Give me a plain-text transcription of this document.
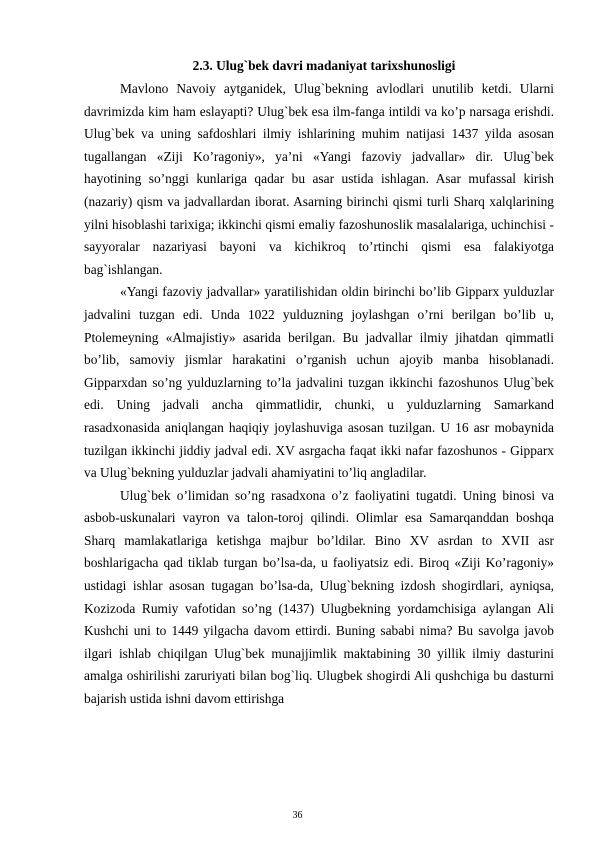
2.3. Ulug`bek davri madaniyat tarixshunosligi

Mavlono Navoiy aytganidek, Ulug`bekning avlodlari unutilib ketdi. Ularni davrimizda kim ham eslayapti? Ulug`bek esa ilm-fanga intildi va ko’p narsaga erishdi. Ulug`bek va uning safdoshlari ilmiy ishlarining muhim natijasi 1437 yilda asosan tugallangan «Ziji Ko’ragoniy», ya’ni «Yangi fazoviy jadvallar» dir. Ulug`bek hayotining so’nggi kunlariga qadar bu asar ustida ishlagan. Asar mufassal kirish (nazariy) qism va jadvallardan iborat. Asarning birinchi qismi turli Sharq xalqlarining yilni hisoblashi tarixiga; ikkinchi qismi emaliy fazoshunoslik masalalariga, uchinchisi - sayyoralar nazariyasi bayoni va kichikroq to’rtinchi qismi esa falakiyotga bag`ishlangan.

«Yangi fazoviy jadvallar» yaratilishidan oldin birinchi bo’lib Gipparx yulduzlar jadvalini tuzgan edi. Unda 1022 yulduzning joylashgan o’rni berilgan bo’lib u, Ptolemeyning «Almajistiy» asarida berilgan. Bu jadvallar ilmiy jihatdan qimmatli bo’lib, samoviy jismlar harakatini o’rganish uchun ajoyib manba hisoblanadi. Gipparxdan so’ng yulduzlarning to’la jadvalini tuzgan ikkinchi fazoshunos Ulug`bek edi. Uning jadvali ancha qimmatlidir, chunki, u yulduzlarning Samarkand rasadxonasida aniqlangan haqiqiy joylashuviga asosan tuzilgan. U 16 asr mobaynida tuzilgan ikkinchi jiddiy jadval edi. XV asrgacha faqat ikki nafar fazoshunos - Gipparx va Ulug`bekning yulduzlar jadvali ahamiyatini to’liq angladilar.

Ulug`bek o’limidan so’ng rasadxona o’z faoliyatini tugatdi. Uning binosi va asbob-uskunalari vayron va talon-toroj qilindi. Olimlar esa Samarqanddan boshqa Sharq mamlakatlariga ketishga majbur bo’ldilar. Bino XV asrdan to XVII asr boshlarigacha qad tiklab turgan bo’lsa-da, u faoliyatsiz edi. Biroq «Ziji Ko’ragoniy» ustidagi ishlar asosan tugagan bo’lsa-da, Ulug`bekning izdosh shogirdlari, ayniqsa, Kozizoda Rumiy vafotidan so’ng (1437) Ulugbekning yordamchisiga aylangan Ali Kushchi uni to 1449 yilgacha davom ettirdi. Buning sababi nima? Bu savolga javob ilgari ishlab chiqilgan Ulug`bek munajjimlik maktabining 30 yillik ilmiy dasturini amalga oshirilishi zaruriyati bilan bog`liq. Ulugbek shogirdi Ali qushchiga bu dasturni bajarish ustida ishni davom ettirishga

36
